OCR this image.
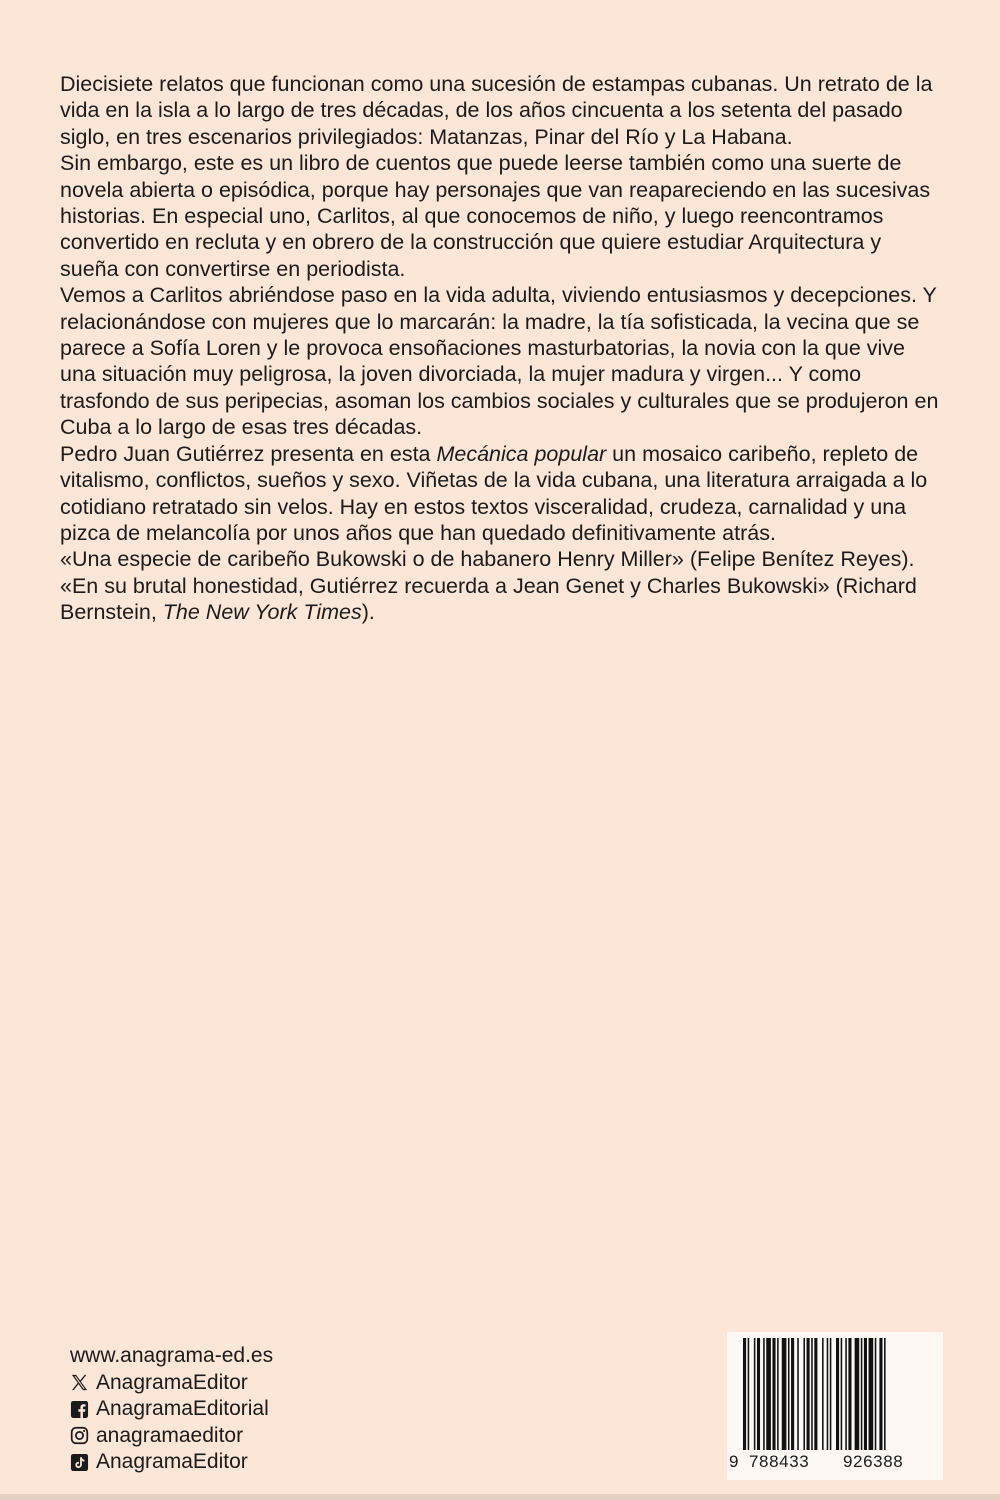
Diecisiete relatos que funcionan como una sucesión de estampas cubanas. Un retrato de la vida en la isla a lo largo de tres décadas, de los años cincuenta a los setenta del pasado siglo, en tres escenarios privilegiados: Matanzas, Pinar del Río y La Habana.

Sin embargo, este es un libro de cuentos que puede leerse también como una suerte de novela abierta o episódica, porque hay personajes que van reapareciendo en las sucesivas historias. En especial uno, Carlitos, al que conocemos de niño, y luego reencontramos convertido en recluta y en obrero de la construcción que quiere estudiar Arquitectura y sueña con convertirse en periodista.

Vemos a Carlitos abriéndose paso en la vida adulta, viviendo entusiasmos y decepciones. Y relacionándose con mujeres que lo marcarán: la madre, la tía sofisticada, la vecina que se parece a Sofía Loren y le provoca ensoñaciones masturbatorias, la novia con la que vive una situación muy peligrosa, la joven divorciada, la mujer madura y virgen... Y como trasfondo de sus peripecias, asoman los cambios sociales y culturales que se produjeron en Cuba a lo largo de esas tres décadas.

Pedro Juan Gutiérrez presenta en esta Mecánica popular un mosaico caribeño, repleto de vitalismo, conflictos, sueños y sexo. Viñetas de la vida cubana, una literatura arraigada a lo cotidiano retratado sin velos. Hay en estos textos visceralidad, crudeza, carnalidad y una pizca de melancolía por unos años que han quedado definitivamente atrás.

«Una especie de caribeño Bukowski o de habanero Henry Miller» (Felipe Benítez Reyes).

«En su brutal honestidad, Gutiérrez recuerda a Jean Genet y Charles Bukowski» (Richard Bernstein, The New York Times).

www.anagrama-ed.es
AnagramaEditor
AnagramaEditorial
anagramaeditor
AnagramaEditor	9 788433 926388
